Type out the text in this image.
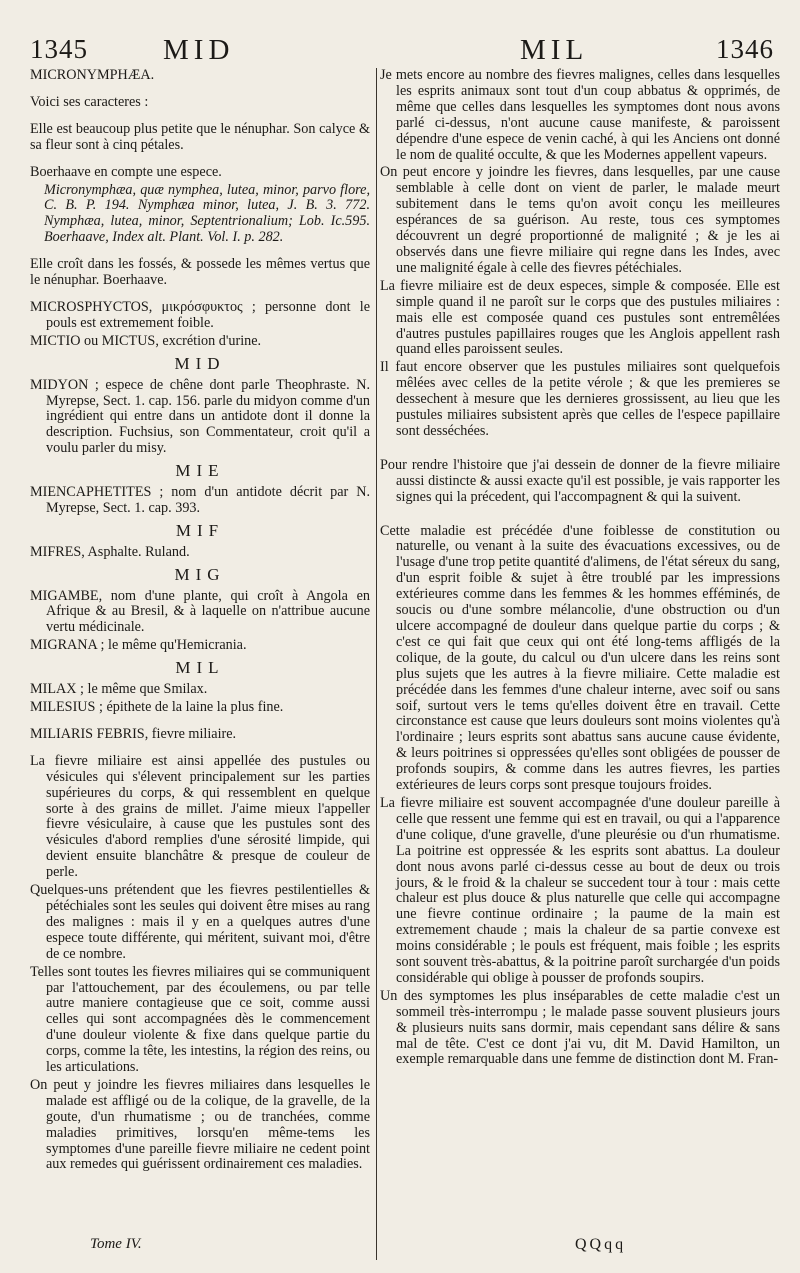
1345	MID	MIL	1346

MICRONYMPHÆA.

Voici ses caracteres :

Elle est beaucoup plus petite que le nénuphar. Son calyce & sa fleur sont à cinq pétales.

Boerhaave en compte une espece.

Micronymphæa, quæ nymphea, lutea, minor, parvo flore, C. B. P. 194. Nymphæa minor, lutea, J. B. 3. 772. Nymphæa, lutea, minor, Septentrionalium; Lob. Ic.595. Boerhaave, Index alt. Plant. Vol. I. p. 282.

Elle croît dans les fossés, & possede les mêmes vertus que le nénuphar. Boerhaave.

MICROSPHYCTOS, μικρόσφυκτος ; personne dont le pouls est extremement foible.

MICTIO ou MICTUS, excrétion d'urine.

MID

MIDYON ; espece de chêne dont parle Theophraste. N. Myrepse, Sect. 1. cap. 156. parle du midyon comme d'un ingrédient qui entre dans un antidote dont il donne la description. Fuchsius, son Commentateur, croit qu'il a voulu parler du misy.

MIE

MIENCAPHETITES ; nom d'un antidote décrit par N. Myrepse, Sect. 1. cap. 393.

MIF

MIFRES, Asphalte. Ruland.

MIG

MIGAMBE, nom d'une plante, qui croît à Angola en Afrique & au Bresil, & à laquelle on n'attribue aucune vertu médicinale.

MIGRANA ; le même qu'Hemicrania.

MIL

MILAX ; le même que Smilax.

MILESIUS ; épithete de la laine la plus fine.

MILIARIS FEBRIS, fievre miliaire.

La fievre miliaire est ainsi appellée des pustules ou vésicules qui s'élevent principalement sur les parties supérieures du corps, & qui ressemblent en quelque sorte à des grains de millet. J'aime mieux l'appeller fievre vésiculaire, à cause que les pustules sont des vésicules d'abord remplies d'une sérosité limpide, qui devient ensuite blanchâtre & presque de couleur de perle.

Quelques-uns prétendent que les fievres pestilentielles & pétéchiales sont les seules qui doivent être mises au rang des malignes : mais il y en a quelques autres d'une espece toute différente, qui méritent, suivant moi, d'être de ce nombre.

Telles sont toutes les fievres miliaires qui se communiquent par l'attouchement, par des écoulemens, ou par telle autre maniere contagieuse que ce soit, comme aussi celles qui sont accompagnées dès le commencement d'une douleur violente & fixe dans quelque partie du corps, comme la tête, les intestins, la région des reins, ou les articulations.

On peut y joindre les fievres miliaires dans lesquelles le malade est affligé ou de la colique, de la gravelle, de la goute, d'un rhumatisme ; ou de tranchées, comme maladies primitives, lorsqu'en même-tems les symptomes d'une pareille fievre miliaire ne cedent point aux remedes qui guérissent ordinairement ces maladies.

Je mets encore au nombre des fievres malignes, celles dans lesquelles les esprits animaux sont tout d'un coup abbatus & opprimés, de même que celles dans lesquelles les symptomes dont nous avons parlé ci-dessus, n'ont aucune cause manifeste, & paroissent dépendre d'une espece de venin caché, à qui les Anciens ont donné le nom de qualité occulte, & que les Modernes appellent vapeurs.

On peut encore y joindre les fievres, dans lesquelles, par une cause semblable à celle dont on vient de parler, le malade meurt subitement dans le tems qu'on avoit conçu les meilleures espérances de sa guérison. Au reste, tous ces symptomes découvrent un degré proportionné de malignité ; & je les ai observés dans une fievre miliaire qui regne dans les Indes, avec une malignité égale à celle des fievres pétéchiales.

La fievre miliaire est de deux especes, simple & composée. Elle est simple quand il ne paroît sur le corps que des pustules miliaires : mais elle est composée quand ces pustules sont entremêlées d'autres pustules papillaires rouges que les Anglois appellent rash quand elles paroissent seules.

Il faut encore observer que les pustules miliaires sont quelquefois mêlées avec celles de la petite vérole ; & que les premieres se dessechent à mesure que les dernieres grossissent, au lieu que les pustules miliaires subsistent après que celles de l'espece papillaire sont desséchées.

Pour rendre l'histoire que j'ai dessein de donner de la fievre miliaire aussi distincte & aussi exacte qu'il est possible, je vais rapporter les signes qui la précedent, qui l'accompagnent & qui la suivent.

Cette maladie est précédée d'une foiblesse de constitution ou naturelle, ou venant à la suite des évacuations excessives, ou de l'usage d'une trop petite quantité d'alimens, de l'état séreux du sang, d'un esprit foible & sujet à être troublé par les impressions extérieures comme dans les femmes & les hommes efféminés, de soucis ou d'une sombre mélancolie, d'une obstruction ou d'un ulcere accompagné de douleur dans quelque partie du corps ; & c'est ce qui fait que ceux qui ont été long-tems affligés de la colique, de la goute, du calcul ou d'un ulcere dans les reins sont plus sujets que les autres à la fievre miliaire. Cette maladie est précédée dans les femmes d'une chaleur interne, avec soif ou sans soif, surtout vers le tems qu'elles doivent être en travail. Cette circonstance est cause que leurs douleurs sont moins violentes qu'à l'ordinaire ; leurs esprits sont abattus sans aucune cause évidente, & leurs poitrines si oppressées qu'elles sont obligées de pousser de profonds soupirs, & comme dans les autres fievres, les parties extérieures de leurs corps sont presque toujours froides.

La fievre miliaire est souvent accompagnée d'une douleur pareille à celle que ressent une femme qui est en travail, ou qui a l'apparence d'une colique, d'une gravelle, d'une pleurésie ou d'un rhumatisme. La poitrine est oppressée & les esprits sont abattus. La douleur dont nous avons parlé ci-dessus cesse au bout de deux ou trois jours, & le froid & la chaleur se succedent tour à tour : mais cette chaleur est plus douce & plus naturelle que celle qui accompagne une fievre continue ordinaire ; la paume de la main est extremement chaude ; mais la chaleur de sa partie convexe est moins considérable ; le pouls est fréquent, mais foible ; les esprits sont souvent très-abattus, & la poitrine paroît surchargée d'un poids considérable qui oblige à pousser de profonds soupirs.

Un des symptomes les plus inséparables de cette maladie c'est un sommeil très-interrompu ; le malade passe souvent plusieurs jours & plusieurs nuits sans dormir, mais cependant sans délire & sans mal de tête. C'est ce dont j'ai vu, dit M. David Hamilton, un exemple remarquable dans une femme de distinction dont M. Fran-

Tome IV.	QQqq
